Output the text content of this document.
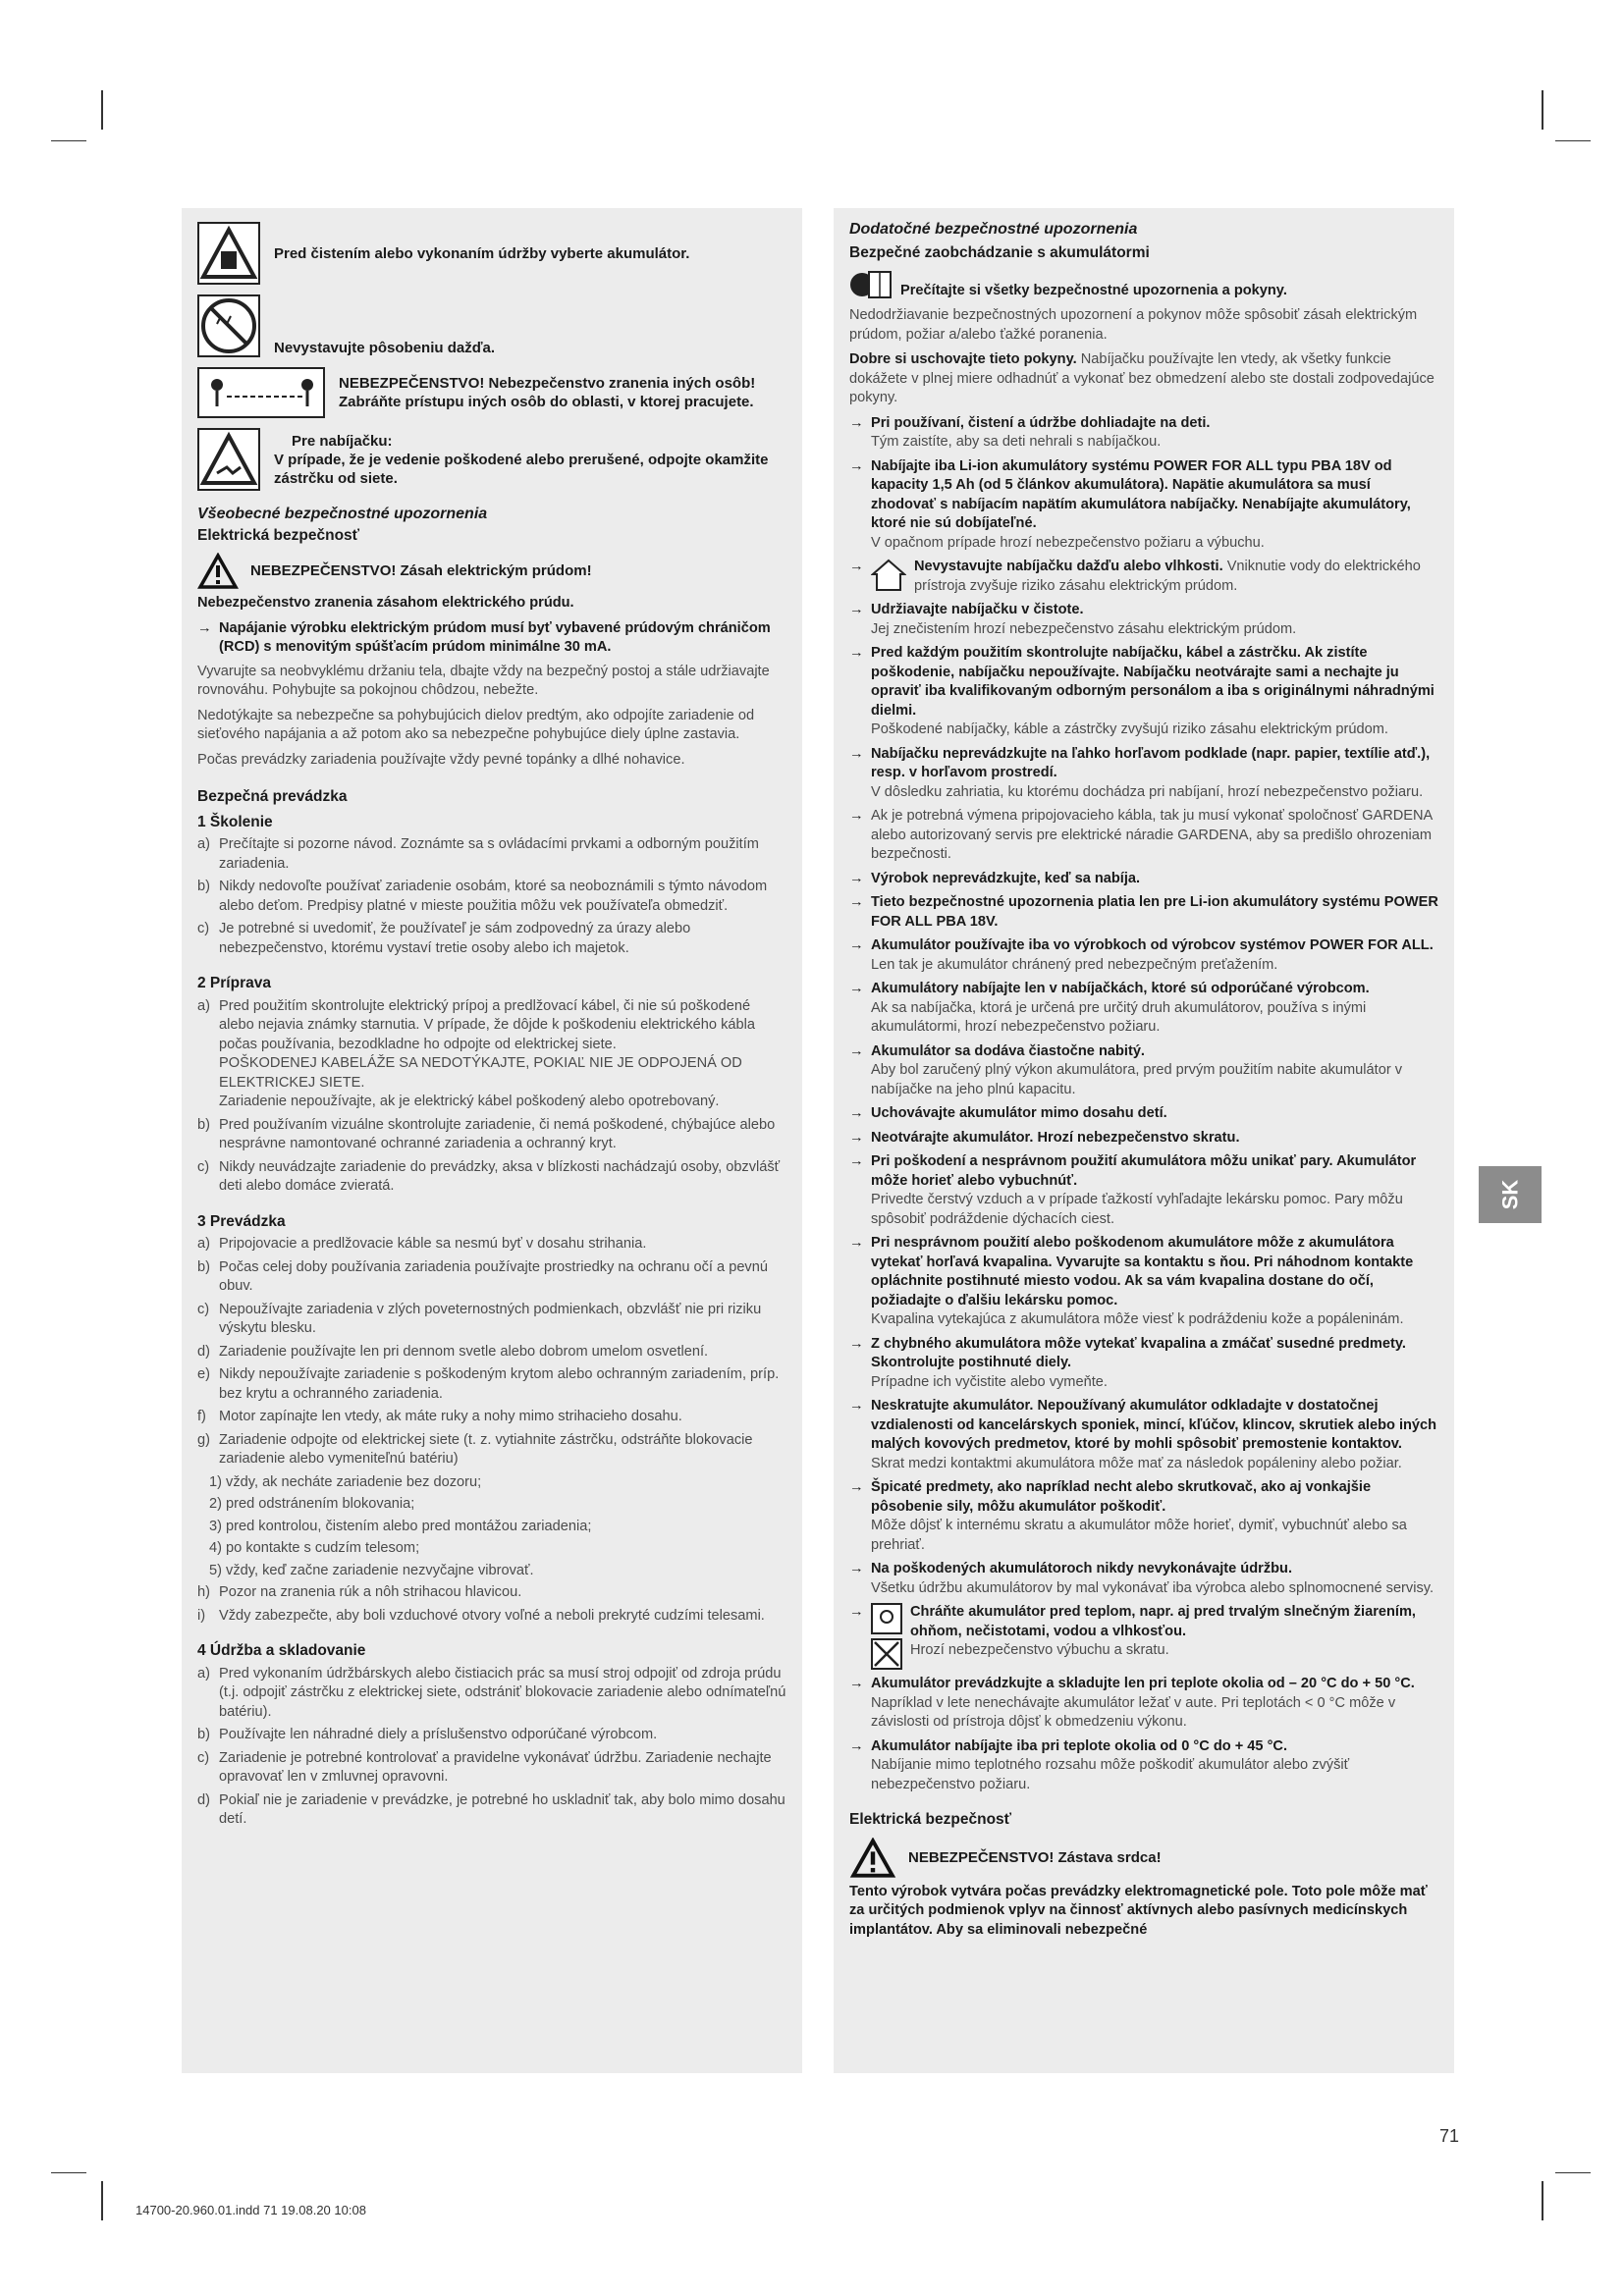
Pred čistením alebo vykonaním údržby vyberte akumulátor.
Nevystavujte pôsobeniu dažďa.
NEBEZPEČENSTVO! Nebezpečenstvo zranenia iných osôb! Zabráňte prístupu iných osôb do oblasti, v ktorej pracujete.
Pre nabíjačku:
V prípade, že je vedenie poškodené alebo prerušené, odpojte okamžite zástrčku od siete.
Všeobecné bezpečnostné upozornenia
Elektrická bezpečnosť
NEBEZPEČENSTVO! Zásah elektrickým prúdom!

Nebezpečenstvo zranenia zásahom elektrického prúdu.

→ Napájanie výrobku elektrickým prúdom musí byť vybavené prúdovým chráničom (RCD) s menovitým spúšťacím prúdom minimálne 30 mA.

Vyvarujte sa neobvyklému držaniu tela, dbajte vždy na bezpečný postoj a stále udržiavajte rovnováhu. Pohybujte sa pokojnou chôdzou, nebežte.

Nedotýkajte sa nebezpečne sa pohybujúcich dielov predtým, ako odpojíte zariadenie od sieťového napájania a až potom ako sa nebezpečne pohybujúce diely úplne zastavia.

Počas prevádzky zariadenia používajte vždy pevné topánky a dlhé nohavice.

Bezpečná prevádzka
1 Školenie
a) Prečítajte si pozorne návod. Zoznámte sa s ovládacími prvkami a odborným použitím zariadenia.
b) Nikdy nedovoľte používať zariadenie osobám, ktoré sa neoboznámili s týmto návodom alebo deťom. Predpisy platné v mieste použitia môžu vek používateľa obmedziť.
c) Je potrebné si uvedomiť, že používateľ je sám zodpovedný za úrazy alebo nebezpečenstvo, ktorému vystaví tretie osoby alebo ich majetok.
2 Príprava
a) Pred použitím skontrolujte elektrický prípoj a predlžovací kábel, či nie sú poškodené alebo nejavia známky starnutia. V prípade, že dôjde k poškodeniu elektrického kábla počas používania, bezodkladne ho odpojte od elektrickej siete.
POŠKODENEJ KABELÁŽE SA NEDOTÝKAJTE, POKIAĽ NIE JE ODPOJENÁ OD ELEKTRICKEJ SIETE.
Zariadenie nepoužívajte, ak je elektrický kábel poškodený alebo opotrebovaný.
b) Pred používaním vizuálne skontrolujte zariadenie, či nemá poškodené, chýbajúce alebo nesprávne namontované ochranné zariadenia a ochranný kryt.
c) Nikdy neuvádzajte zariadenie do prevádzky, aksa v blízkosti nachádzajú osoby, obzvlášť deti alebo domáce zvieratá.
3 Prevádzka
a) Pripojovacie a predlžovacie káble sa nesmú byť v dosahu strihania.
b) Počas celej doby používania zariadenia používajte prostriedky na ochranu očí a pevnú obuv.
c) Nepoužívajte zariadenia v zlých poveternostných podmienkach, obzvlášť nie pri riziku výskytu blesku.
d) Zariadenie používajte len pri dennom svetle alebo dobrom umelom osvetlení.
e) Nikdy nepoužívajte zariadenie s poškodeným krytom alebo ochranným zariadením, príp. bez krytu a ochranného zariadenia.
f) Motor zapínajte len vtedy, ak máte ruky a nohy mimo strihacieho dosahu.
g) Zariadenie odpojte od elektrickej siete (t. z. vytiahnite zástrčku, odstráňte blokovacie zariadenie alebo vymeniteľnú batériu)
1) vždy, ak necháte zariadenie bez dozoru;
2) pred odstránením blokovania;
3) pred kontrolou, čistením alebo pred montážou zariadenia;
4) po kontakte s cudzím telesom;
5) vždy, keď začne zariadenie nezvyčajne vibrovať.
h) Pozor na zranenia rúk a nôh strihacou hlavicou.
i) Vždy zabezpečte, aby boli vzduchové otvory voľné a neboli prekryté cudzími telesami.
4 Údržba a skladovanie
a) Pred vykonaním údržbárskych alebo čistiacich prác sa musí stroj odpojiť od zdroja prúdu (t.j. odpojiť zástrčku z elektrickej siete, odstrániť blokovacie zariadenie alebo odnímateľnú batériu).
b) Používajte len náhradné diely a príslušenstvo odporúčané výrobcom.
c) Zariadenie je potrebné kontrolovať a pravidelne vykonávať údržbu. Zariadenie nechajte opravovať len v zmluvnej opravovni.
d) Pokiaľ nie je zariadenie v prevádzke, je potrebné ho uskladniť tak, aby bolo mimo dosahu detí.
Dodatočné bezpečnostné upozornenia
Bezpečné zaobchádzanie s akumulátormi
Prečítajte si všetky bezpečnostné upozornenia a pokyny.

Nedodržiavanie bezpečnostných upozornení a pokynov môže spôsobiť zásah elektrickým prúdom, požiar a/alebo ťažké poranenia.

Dobre si uschovajte tieto pokyny. Nabíjačku používajte len vtedy, ak všetky funkcie dokážete v plnej miere odhadnúť a vykonať bez obmedzení alebo ste dostali zodpovedajúce pokyny.

→ Pri používaní, čistení a údržbe dohliadajte na deti.
Tým zaistíte, aby sa deti nehrali s nabíjačkou.
→ Nabíjajte iba Li-ion akumulátory systému POWER FOR ALL typu PBA 18V od kapacity 1,5 Ah (od 5 článkov akumulátora). Napätie akumulátora sa musí zhodovať s nabíjacím napätím akumulátora nabíjačky. Nenabíjajte akumulátory, ktoré nie sú dobíjateľné.
V opačnom prípade hrozí nebezpečenstvo požiaru a výbuchu.
→	Nevystavujte nabíjačku dažďu alebo vlhkosti. Vniknutie vody do elektrického prístroja zvyšuje riziko zásahu elektrickým prúdom.
→ Udržiavajte nabíjačku v čistote.
Jej znečistením hrozí nebezpečenstvo zásahu elektrickým prúdom.
→ Pred každým použitím skontrolujte nabíjačku, kábel a zástrčku. Ak zistíte poškodenie, nabíjačku nepoužívajte. Nabíjačku neotvárajte sami a nechajte ju opraviť iba kvalifikovaným odborným personálom a iba s originálnymi náhradnými dielmi.
Poškodené nabíjačky, káble a zástrčky zvyšujú riziko zásahu elektrickým prúdom.
→ Nabíjačku neprevádzkujte na ľahko horľavom podklade (napr. papier, textílie atď.), resp. v horľavom prostredí.
V dôsledku zahriatia, ku ktorému dochádza pri nabíjaní, hrozí nebezpečenstvo požiaru.
→ Ak je potrebná výmena pripojovacieho kábla, tak ju musí vykonať spoločnosť GARDENA alebo autorizovaný servis pre elektrické náradie GARDENA, aby sa predišlo ohrozeniam bezpečnosti.
→ Výrobok neprevádzkujte, keď sa nabíja.
→ Tieto bezpečnostné upozornenia platia len pre Li-ion akumulátory systému POWER FOR ALL PBA 18V.
→ Akumulátor používajte iba vo výrobkoch od výrobcov systémov POWER FOR ALL.
Len tak je akumulátor chránený pred nebezpečným preťažením.
→ Akumulátory nabíjajte len v nabíjačkách, ktoré sú odporúčané výrobcom.
Ak sa nabíjačka, ktorá je určená pre určitý druh akumulátorov, používa s inými akumulátormi, hrozí nebezpečenstvo požiaru.
→ Akumulátor sa dodáva čiastočne nabitý.
Aby bol zaručený plný výkon akumulátora, pred prvým použitím nabite akumulátor v nabíjačke na jeho plnú kapacitu.
→ Uchovávajte akumulátor mimo dosahu detí.
→ Neotvárajte akumulátor. Hrozí nebezpečenstvo skratu.
→ Pri poškodení a nesprávnom použití akumulátora môžu unikať pary. Akumulátor môže horieť alebo vybuchnúť.
Privedte čerstvý vzduch a v prípade ťažkostí vyhľadajte lekársku pomoc. Pary môžu spôsobiť podráždenie dýchacích ciest.
→ Pri nesprávnom použití alebo poškodenom akumulátore môže z akumulátora vytekať horľavá kvapalina. Vyvarujte sa kontaktu s ňou. Pri náhodnom kontakte opláchnite postihnuté miesto vodou. Ak sa vám kvapalina dostane do očí, požiadajte o ďalšiu lekársku pomoc.
Kvapalina vytekajúca z akumulátora môže viesť k podráždeniu kože a popáleninám.
→ Z chybného akumulátora môže vytekať kvapalina a zmáčať susedné predmety. Skontrolujte postihnuté diely.
Prípadne ich vyčistite alebo vymeňte.
→ Neskratujte akumulátor. Nepoužívaný akumulátor odkladajte v dostatočnej vzdialenosti od kancelárskych sponiek, mincí, kľúčov, klincov, skrutiek alebo iných malých kovových predmetov, ktoré by mohli spôsobiť premostenie kontaktov.
Skrat medzi kontaktmi akumulátora môže mať za následok popáleniny alebo požiar.
→ Špicaté predmety, ako napríklad necht alebo skrutkovač, ako aj vonkajšie pôsobenie sily, môžu akumulátor poškodiť.
Môže dôjsť k internému skratu a akumulátor môže horieť, dymiť, vybuchnúť alebo sa prehriať.
→ Na poškodených akumulátoroch nikdy nevykonávajte údržbu.
Všetku údržbu akumulátorov by mal vykonávať iba výrobca alebo splnomocnené servisy.
→	Chráňte akumulátor pred teplom, napr. aj pred trvalým slnečným žiarením, ohňom, nečistotami, vodou a vlhkosťou.
Hrozí nebezpečenstvo výbuchu a skratu.
→ Akumulátor prevádzkujte a skladujte len pri teplote okolia od – 20 °C do + 50 °C.
Napríklad v lete nenechávajte akumulátor ležať v aute. Pri teplotách < 0 °C môže v závislosti od prístroja dôjsť k obmedzeniu výkonu.
→ Akumulátor nabíjajte iba pri teplote okolia od 0 °C do + 45 °C.
Nabíjanie mimo teplotného rozsahu môže poškodiť akumulátor alebo zvýšiť nebezpečenstvo požiaru.
Elektrická bezpečnosť
NEBEZPEČENSTVO! Zástava srdca!

Tento výrobok vytvára počas prevádzky elektromagnetické pole. Toto pole môže mať za určitých podmienok vplyv na činnosť aktívnych alebo pasívnych medicínskych implantátov. Aby sa eliminovali nebezpečné

SK
71
14700-20.960.01.indd 71 19.08.20 10:08
